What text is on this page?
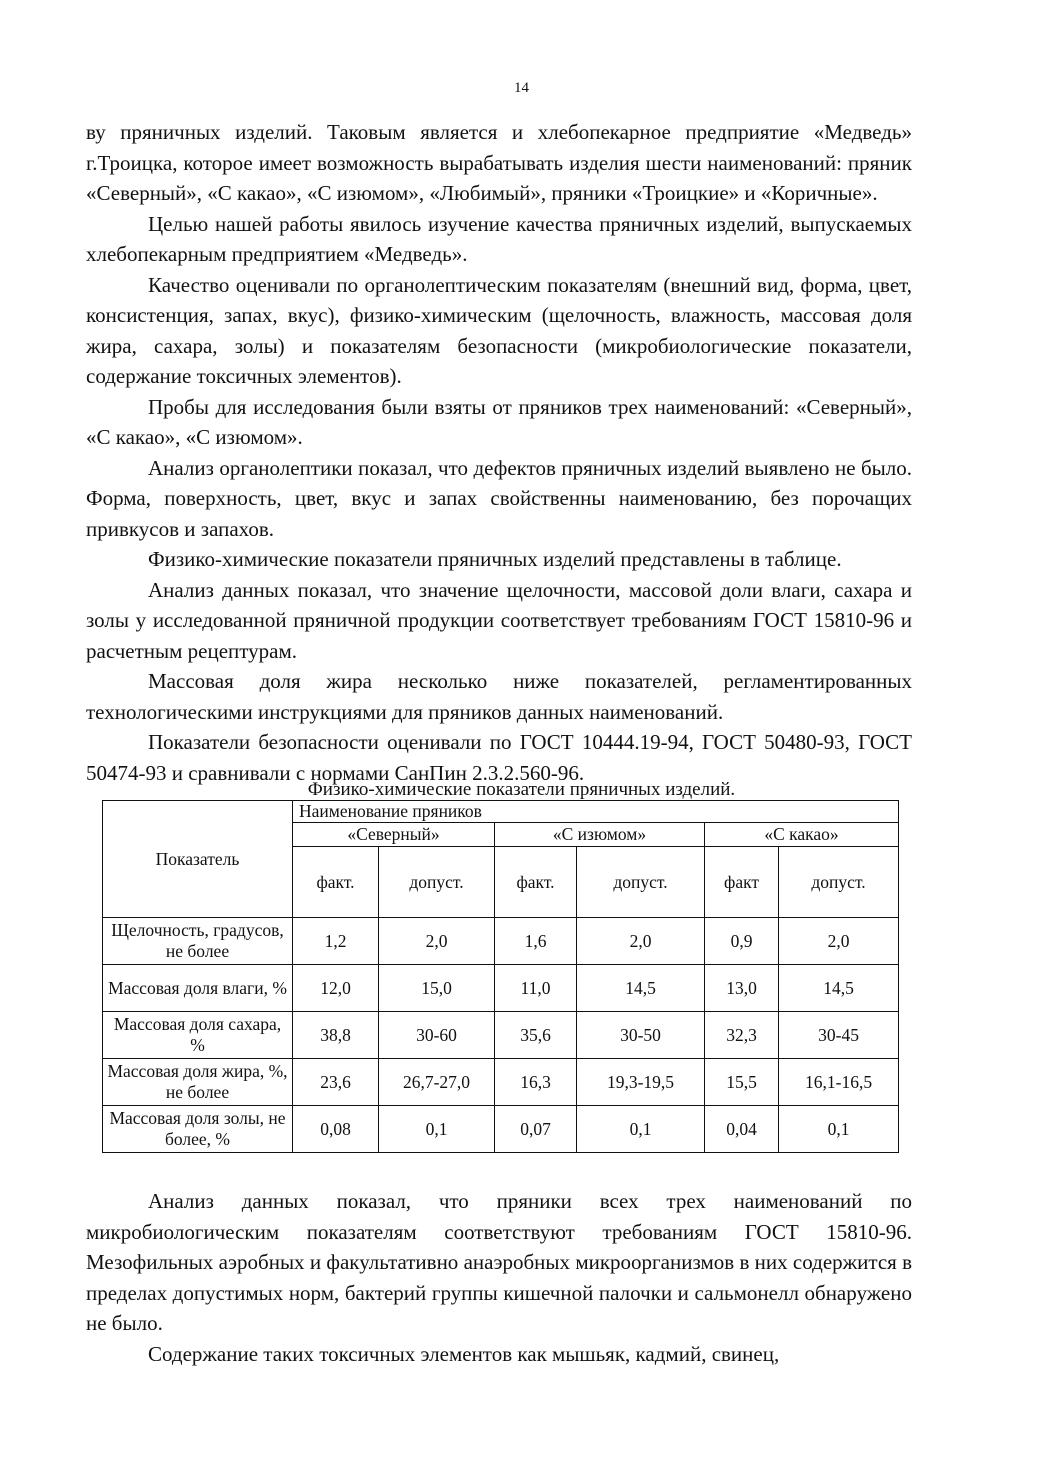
14

ву пряничных изделий. Таковым является и хлебопекарное предприятие «Медведь» г.Троицка, которое имеет возможность вырабатывать изделия шести наименований: пряник «Северный», «С какао», «С изюмом», «Любимый», пряники «Троицкие» и «Коричные».

Целью нашей работы явилось изучение качества пряничных изделий, выпускаемых хлебопекарным предприятием «Медведь».

Качество оценивали по органолептическим показателям (внешний вид, форма, цвет, консистенция, запах, вкус), физико-химическим (щелочность, влажность, массовая доля жира, сахара, золы) и показателям безопасности (микробиологические показатели, содержание токсичных элементов).

Пробы для исследования были взяты от пряников трех наименований: «Северный», «С какао», «С изюмом».

Анализ органолептики показал, что дефектов пряничных изделий выявлено не было. Форма, поверхность, цвет, вкус и запах свойственны наименованию, без порочащих привкусов и запахов.

Физико-химические показатели пряничных изделий представлены в таблице.

Анализ данных показал, что значение щелочности, массовой доли влаги, сахара и золы у исследованной пряничной продукции соответствует требованиям ГОСТ 15810-96 и расчетным рецептурам.

Массовая доля жира несколько ниже показателей, регламентированных технологическими инструкциями для пряников данных наименований.

Показатели безопасности оценивали по ГОСТ 10444.19-94, ГОСТ 50480-93, ГОСТ 50474-93 и сравнивали с нормами СанПин 2.3.2.560-96.

Физико-химические показатели пряничных изделий.
Показатель	Наименование пряников					
	«Северный»		«С изюмом»		«С какао»	
	факт.	допуст.	факт.	допуст.	факт	допуст.
Щелочность, градусов, не более	1,2	2,0	1,6	2,0	0,9	2,0
Массовая доля влаги, %	12,0	15,0	11,0	14,5	13,0	14,5
Массовая доля сахара, %	38,8	30-60	35,6	30-50	32,3	30-45
Массовая доля жира, %, не более	23,6	26,7-27,0	16,3	19,3-19,5	15,5	16,1-16,5
Массовая доля золы, не более, %	0,08	0,1	0,07	0,1	0,04	0,1

Анализ данных показал, что пряники всех трех наименований по микробиологическим показателям соответствуют требованиям ГОСТ 15810-96. Мезофильных аэробных и факультативно анаэробных микроорганизмов в них содержится в пределах допустимых норм, бактерий группы кишечной палочки и сальмонелл обнаружено не было.

Содержание таких токсичных элементов как мышьяк, кадмий, свинец,
